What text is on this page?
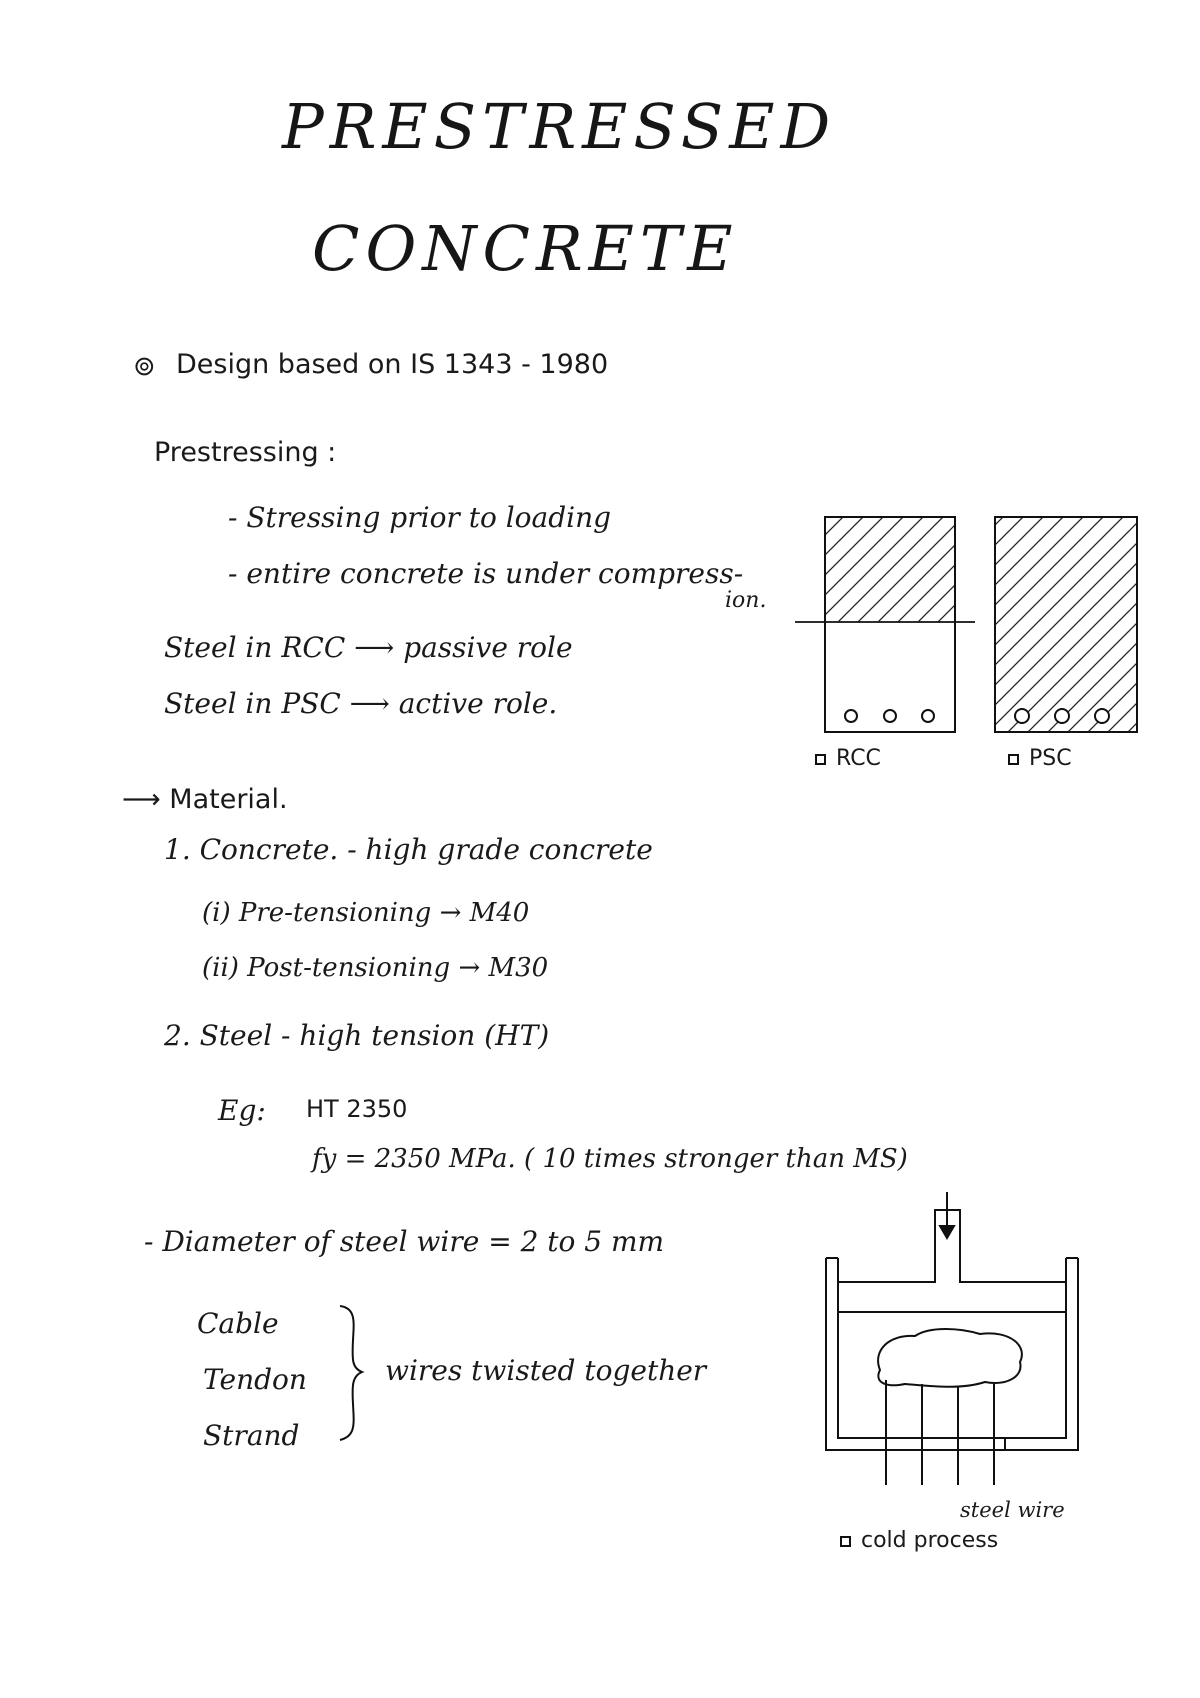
PRESTRESSED
CONCRETE
⊚ Design based on IS 1343 - 1980
Prestressing :
- Stressing prior to loading
- entire concrete is under compress-
ion.
Steel in RCC ⟶ passive role
Steel in PSC ⟶ active role.
RCC	PSC
⟶ Material.
1. Concrete. - high grade concrete
(i) Pre-tensioning → M40
(ii) Post-tensioning → M30
2. Steel - high tension (HT)
Eg: HT 2350
fy = 2350 MPa. ( 10 times stronger than MS)
- Diameter of steel wire = 2 to 5 mm
Cable
Tendon
Strand
wires twisted together
steel wire
cold process
